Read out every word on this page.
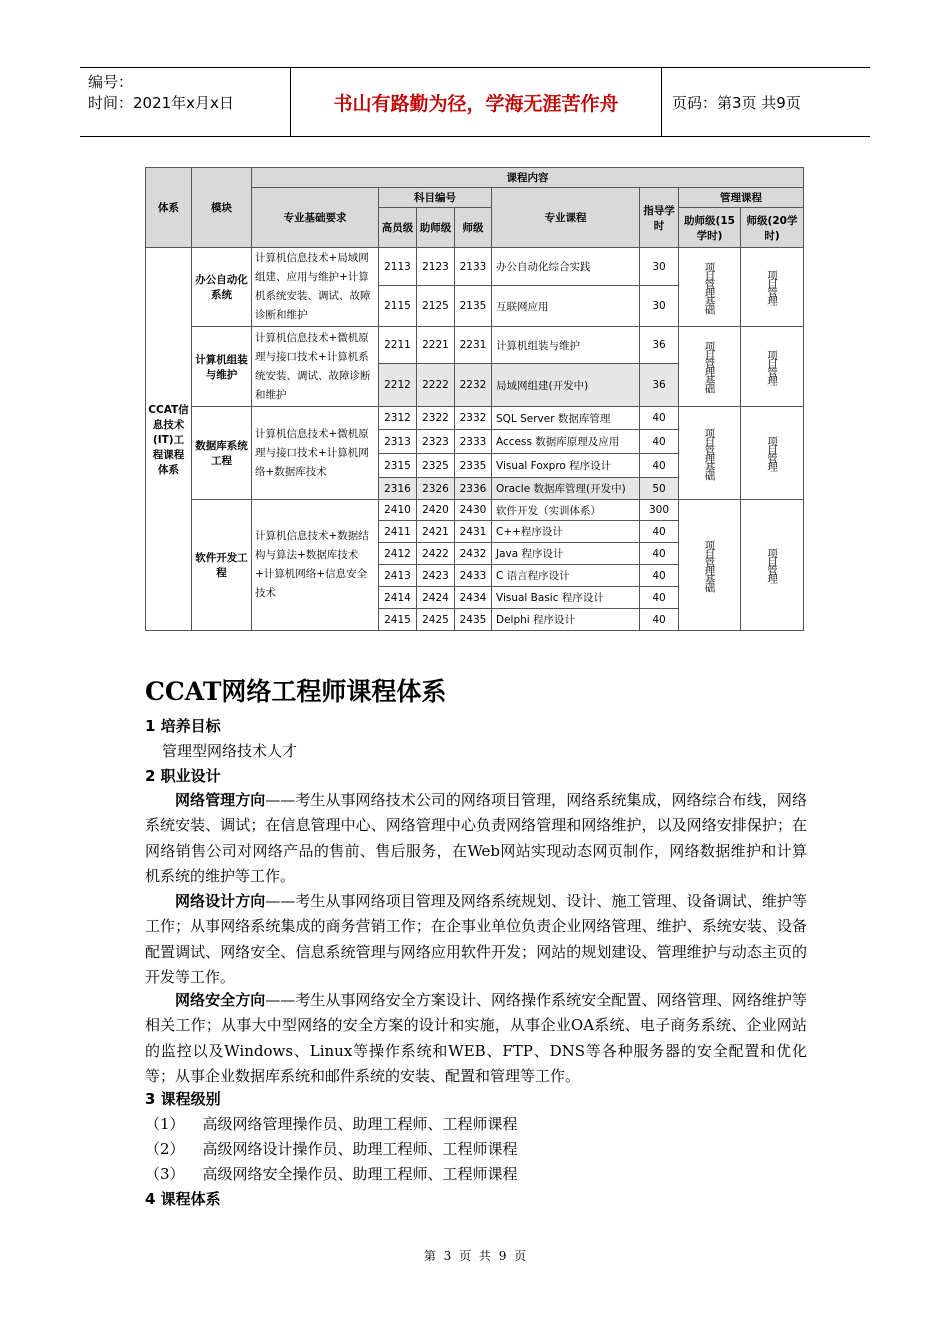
编号：
时间：2021年x月x日	书山有路勤为径，学海无涯苦作舟	页码：第3页 共9页
体系	模块	课程内容							
		专业基础要求	科目编号			专业课程	指导学时	管理课程	
			高员级	助师级	师级			助师级(15学时)	师级(20学时)
CCAT信息技术(IT)工程课程体系	办公自动化系统	计算机信息技术+局域网组建、应用与维护+计算机系统安装、调试、故障诊断和维护	2113	2123	2133	办公自动化综合实践	30	项目管理基础	项目管理

			2115	2125	2135	互联网应用	30		
	计算机组装与维护	计算机信息技术+微机原理与接口技术+计算机系统安装、调试、故障诊断和维护	2211	2221	2231	计算机组装与维护	36	项目管理基础	项目管理

			2212	2222	2232	局域网组建(开发中)	36		
	数据库系统工程	计算机信息技术+微机原理与接口技术+计算机网络+数据库技术	2312	2322	2332	SQL Server 数据库管理	40	项目管理基础	项目管理

			2313	2323	2333	Access 数据库原理及应用	40		
			2315	2325	2335	Visual Foxpro 程序设计	40		
			2316	2326	2336	Oracle 数据库管理(开发中)	50		
	软件开发工程	计算机信息技术+数据结构与算法+数据库技术+计算机网络+信息安全技术	2410	2420	2430	软件开发（实训体系）	300	项目管理基础	项目管理

			2411	2421	2431	C++程序设计	40		
			2412	2422	2432	Java 程序设计	40		
			2413	2423	2433	C 语言程序设计	40		
			2414	2424	2434	Visual Basic 程序设计	40		
			2415	2425	2435	Delphi 程序设计	40		
CCAT网络工程师课程体系
1 培养目标
管理型网络技术人才
2 职业设计
网络管理方向——考生从事网络技术公司的网络项目管理，网络系统集成，网络综合布线，网络系统安装、调试；在信息管理中心、网络管理中心负责网络管理和网络维护，以及网络安排保护；在网络销售公司对网络产品的售前、售后服务，在Web网站实现动态网页制作，网络数据维护和计算机系统的维护等工作。
网络设计方向——考生从事网络项目管理及网络系统规划、设计、施工管理、设备调试、维护等工作；从事网络系统集成的商务营销工作；在企事业单位负责企业网络管理、维护、系统安装、设备配置调试、网络安全、信息系统管理与网络应用软件开发；网站的规划建设、管理维护与动态主页的开发等工作。
网络安全方向——考生从事网络安全方案设计、网络操作系统安全配置、网络管理、网络维护等相关工作；从事大中型网络的安全方案的设计和实施，从事企业OA系统、电子商务系统、企业网站的监控以及Windows、Linux等操作系统和WEB、FTP、DNS等各种服务器的安全配置和优化等；从事企业数据库系统和邮件系统的安装、配置和管理等工作。
3 课程级别
（1） 高级网络管理操作员、助理工程师、工程师课程
（2） 高级网络设计操作员、助理工程师、工程师课程
（3） 高级网络安全操作员、助理工程师、工程师课程
4 课程体系
第 3 页 共 9 页
